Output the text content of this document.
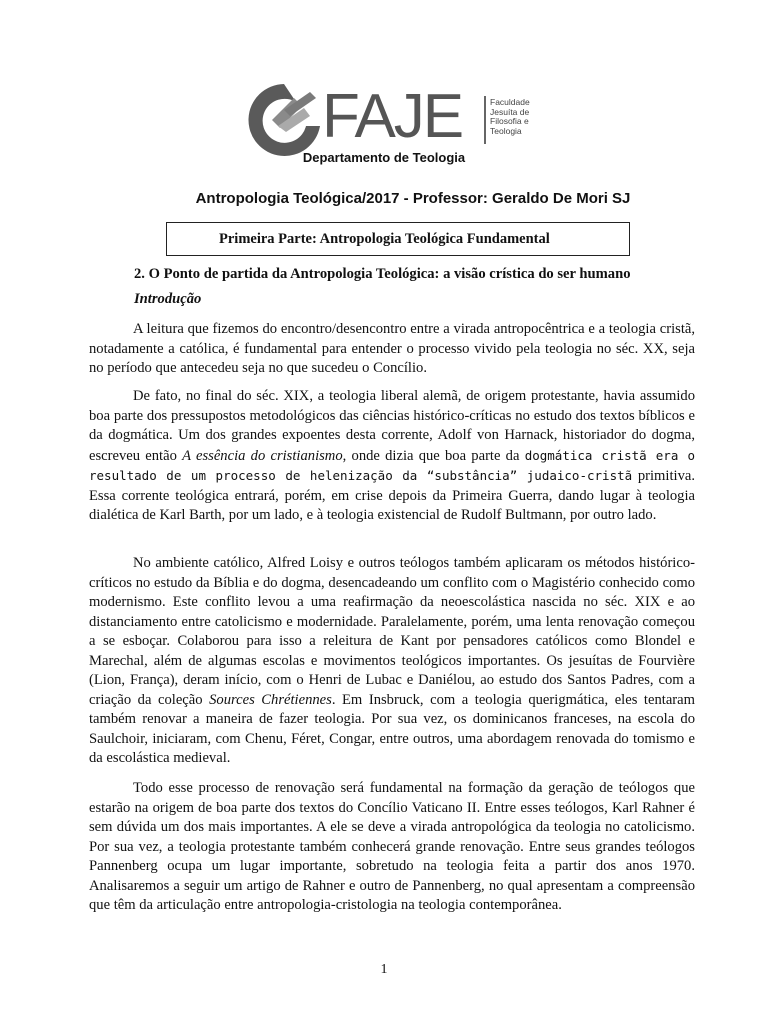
FAJE	Faculdade
Jesuíta de
Filosofia e
Teologia
Departamento de Teologia
Antropologia Teológica/2017 - Professor: Geraldo De Mori SJ
Primeira Parte: Antropologia Teológica Fundamental
2. O Ponto de partida da Antropologia Teológica: a visão crística do ser humano
Introdução

A leitura que fizemos do encontro/desencontro entre a virada antropocêntrica e a teologia cristã, notadamente a católica, é fundamental para entender o processo vivido pela teologia no séc. XX, seja no período que antecedeu seja no que sucedeu o Concílio.

De fato, no final do séc. XIX, a teologia liberal alemã, de origem protestante, havia assumido boa parte dos pressupostos metodológicos das ciências histórico-críticas no estudo dos textos bíblicos e da dogmática. Um dos grandes expoentes desta corrente, Adolf von Harnack, historiador do dogma, escreveu então A essência do cristianismo, onde dizia que boa parte da dogmática cristã era o resultado de um processo de helenização da “substância” judaico-cristã primitiva. Essa corrente teológica entrará, porém, em crise depois da Primeira Guerra, dando lugar à teologia dialética de Karl Barth, por um lado, e à teologia existencial de Rudolf Bultmann, por outro lado.

No ambiente católico, Alfred Loisy e outros teólogos também aplicaram os métodos histórico-críticos no estudo da Bíblia e do dogma, desencadeando um conflito com o Magistério conhecido como modernismo. Este conflito levou a uma reafirmação da neoescolástica nascida no séc. XIX e ao distanciamento entre catolicismo e modernidade. Paralelamente, porém, uma lenta renovação começou a se esboçar. Colaborou para isso a releitura de Kant por pensadores católicos como Blondel e Marechal, além de algumas escolas e movimentos teológicos importantes. Os jesuítas de Fourvière (Lion, França), deram início, com o Henri de Lubac e Daniélou, ao estudo dos Santos Padres, com a criação da coleção Sources Chrétiennes. Em Insbruck, com a teologia querigmática, eles tentaram também renovar a maneira de fazer teologia. Por sua vez, os dominicanos franceses, na escola do Saulchoir, iniciaram, com Chenu, Féret, Congar, entre outros, uma abordagem renovada do tomismo e da escolástica medieval.

Todo esse processo de renovação será fundamental na formação da geração de teólogos que estarão na origem de boa parte dos textos do Concílio Vaticano II. Entre esses teólogos, Karl Rahner é sem dúvida um dos mais importantes. A ele se deve a virada antropológica da teologia no catolicismo. Por sua vez, a teologia protestante também conhecerá grande renovação. Entre seus grandes teólogos Pannenberg ocupa um lugar importante, sobretudo na teologia feita a partir dos anos 1970. Analisaremos a seguir um artigo de Rahner e outro de Pannenberg, no qual apresentam a compreensão que têm da articulação entre antropologia-cristologia na teologia contemporânea.

1
